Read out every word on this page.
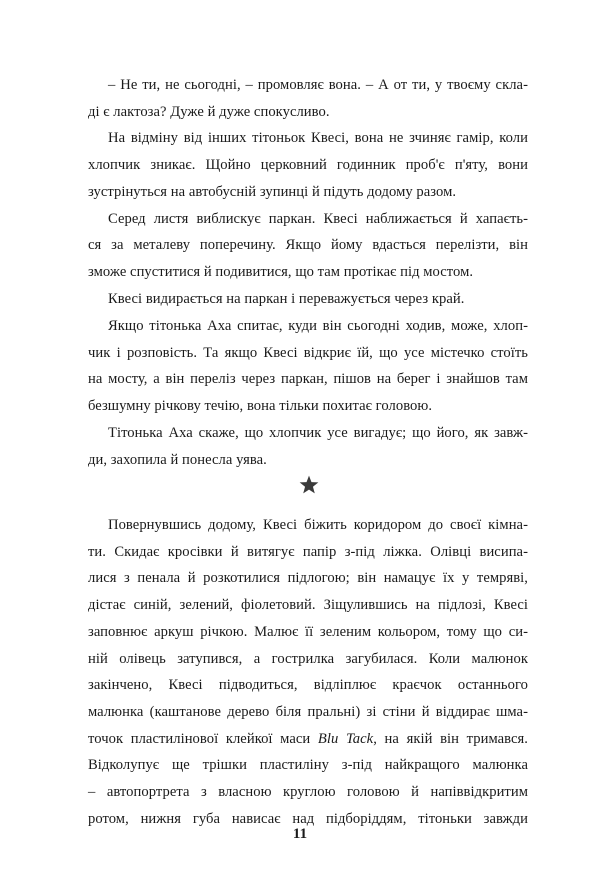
– Не ти, не сьогодні, – промовляє вона. – А от ти, у твоєму скла-
ді є лактоза? Дуже й дуже спокусливо.
На відміну від інших тітоньок Квесі, вона не зчиняє гамір, коли
хлопчик зникає. Щойно церковний годинник проб'є п'яту, вони
зустрінуться на автобусній зупинці й підуть додому разом.
Серед листя виблискує паркан. Квесі наближається й хапаєть-
ся за металеву поперечину. Якщо йому вдасться перелізти, він
зможе спуститися й подивитися, що там протікає під мостом.
Квесі видирається на паркан і переважується через край.
Якщо тітонька Аха спитає, куди він сьогодні ходив, може, хлоп-
чик і розповість. Та якщо Квесі відкриє їй, що усе містечко стоїть
на мосту, а він переліз через паркан, пішов на берег і знайшов там
безшумну річкову течію, вона тільки похитає головою.
Тітонька Аха скаже, що хлопчик усе вигадує; що його, як завж-
ди, захопила й понесла уява.
Повернувшись додому, Квесі біжить коридором до своєї кімна-
ти. Скидає кросівки й витягує папір з-під ліжка. Олівці висипа-
лися з пенала й розкотилися підлогою; він намацує їх у темряві,
дістає синій, зелений, фіолетовий. Зіщулившись на підлозі, Квесі
заповнює аркуш річкою. Малює її зеленим кольором, тому що си-
ній олівець затупився, а гострилка загубилася. Коли малюнок
закінчено, Квесі підводиться, відліплює краєчок останнього
малюнка (каштанове дерево біля пральні) зі стіни й віддирає шма-
точок пластилінової клейкої маси Blu Tack, на якій він тримався.
Відколупує ще трішки пластиліну з-під найкращого малюнка
– автопортрета з власною круглою головою й напіввідкритим
ротом, нижня губа нависає над підборіддям, тітоньки завжди
11
